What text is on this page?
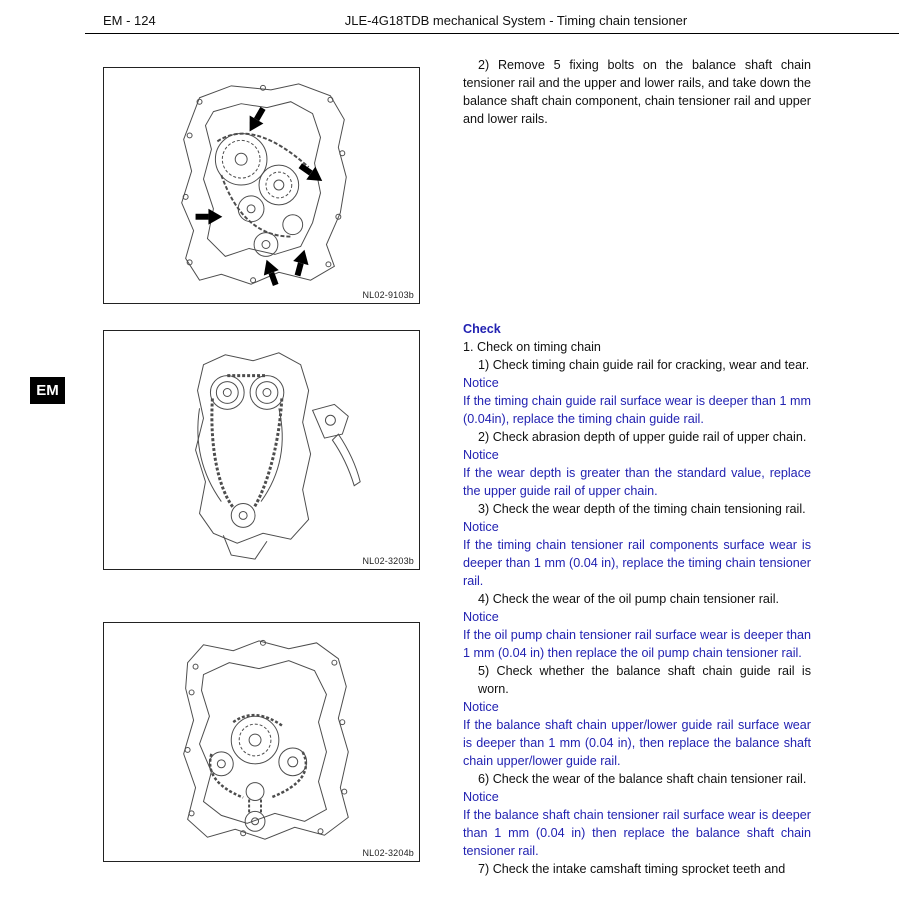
EM - 124	JLE-4G18TDB mechanical System - Timing chain tensioner
EM
NL02-9103b
NL02-3203b
NL02-3204b
2) Remove 5 fixing bolts on the balance shaft chain tensioner rail and the upper and lower rails, and take down the balance shaft chain component, chain tensioner rail and upper and lower rails.
Check
1. Check on timing chain
1) Check timing chain guide rail for cracking, wear and tear.
Notice
If the timing chain guide rail surface wear is deeper than 1 mm (0.04in), replace the timing chain guide rail.
2) Check abrasion depth of upper guide rail of upper chain.
Notice
If the wear depth is greater than the standard value, replace the upper guide rail of upper chain.
3) Check the wear depth of the timing chain tensioning rail.
Notice
If the timing chain tensioner rail components surface wear is deeper than 1 mm (0.04 in), replace the timing chain tensioner rail.
4) Check the wear of the oil pump chain tensioner rail.
Notice
If the oil pump chain tensioner rail surface wear is deeper than 1 mm (0.04 in) then replace the oil pump chain tensioner rail.
5) Check whether the balance shaft chain guide rail is worn.
Notice
If the balance shaft chain upper/lower guide rail surface wear is deeper than 1 mm (0.04 in), then replace the balance shaft chain upper/lower guide rail.
6) Check the wear of the balance shaft chain tensioner rail.
Notice
If the balance shaft chain tensioner rail surface wear is deeper than 1 mm (0.04 in) then replace the balance shaft chain tensioner rail.
7) Check the intake camshaft timing sprocket teeth and
